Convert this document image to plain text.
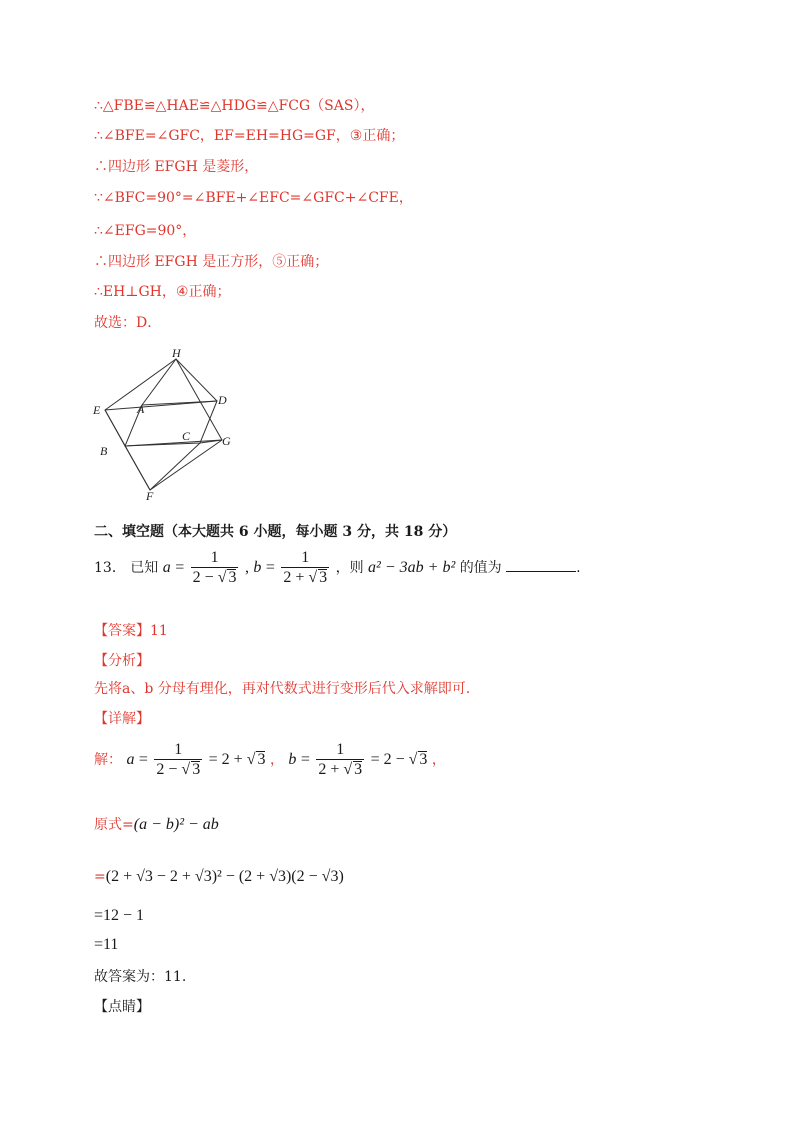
∴△FBE≌△HAE≌△HDG≌△FCG（SAS），
∴∠BFE=∠GFC，EF=EH=HG=GF，③正确；
∴四边形 EFGH 是菱形，
∵∠BFC=90°=∠BFE+∠EFC=∠GFC+∠CFE，
∴∠EFG=90°，
∴四边形 EFGH 是正方形，⑤正确；
∴EH⊥GH，④正确；
故选：D．
H
D
E	A
C	G
B
F
二、填空题（本大题共 6 小题，每小题 3 分，共 18 分）
13． 已知 $a = \frac{1}{2 - √ 3}$ , $b = \frac{1}{2 + √ 3}$ ，则 a² − 3ab + b² 的值为	.
【答案】11
【分析】
先将a、b 分母有理化，再对代数式进行变形后代入求解即可.
【详解】
解： $a = \frac{1}{2 - √ 3} = 2$ + √ 3 ， $b = \frac{1}{2 + √ 3} = 2$ − √ 3 ，
原式=(a − b)² − ab
=(2 + √3 − 2 + √3)² − (2 + √3)(2 − √3)
=12 − 1
=11
故答案为：11.
【点睛】
